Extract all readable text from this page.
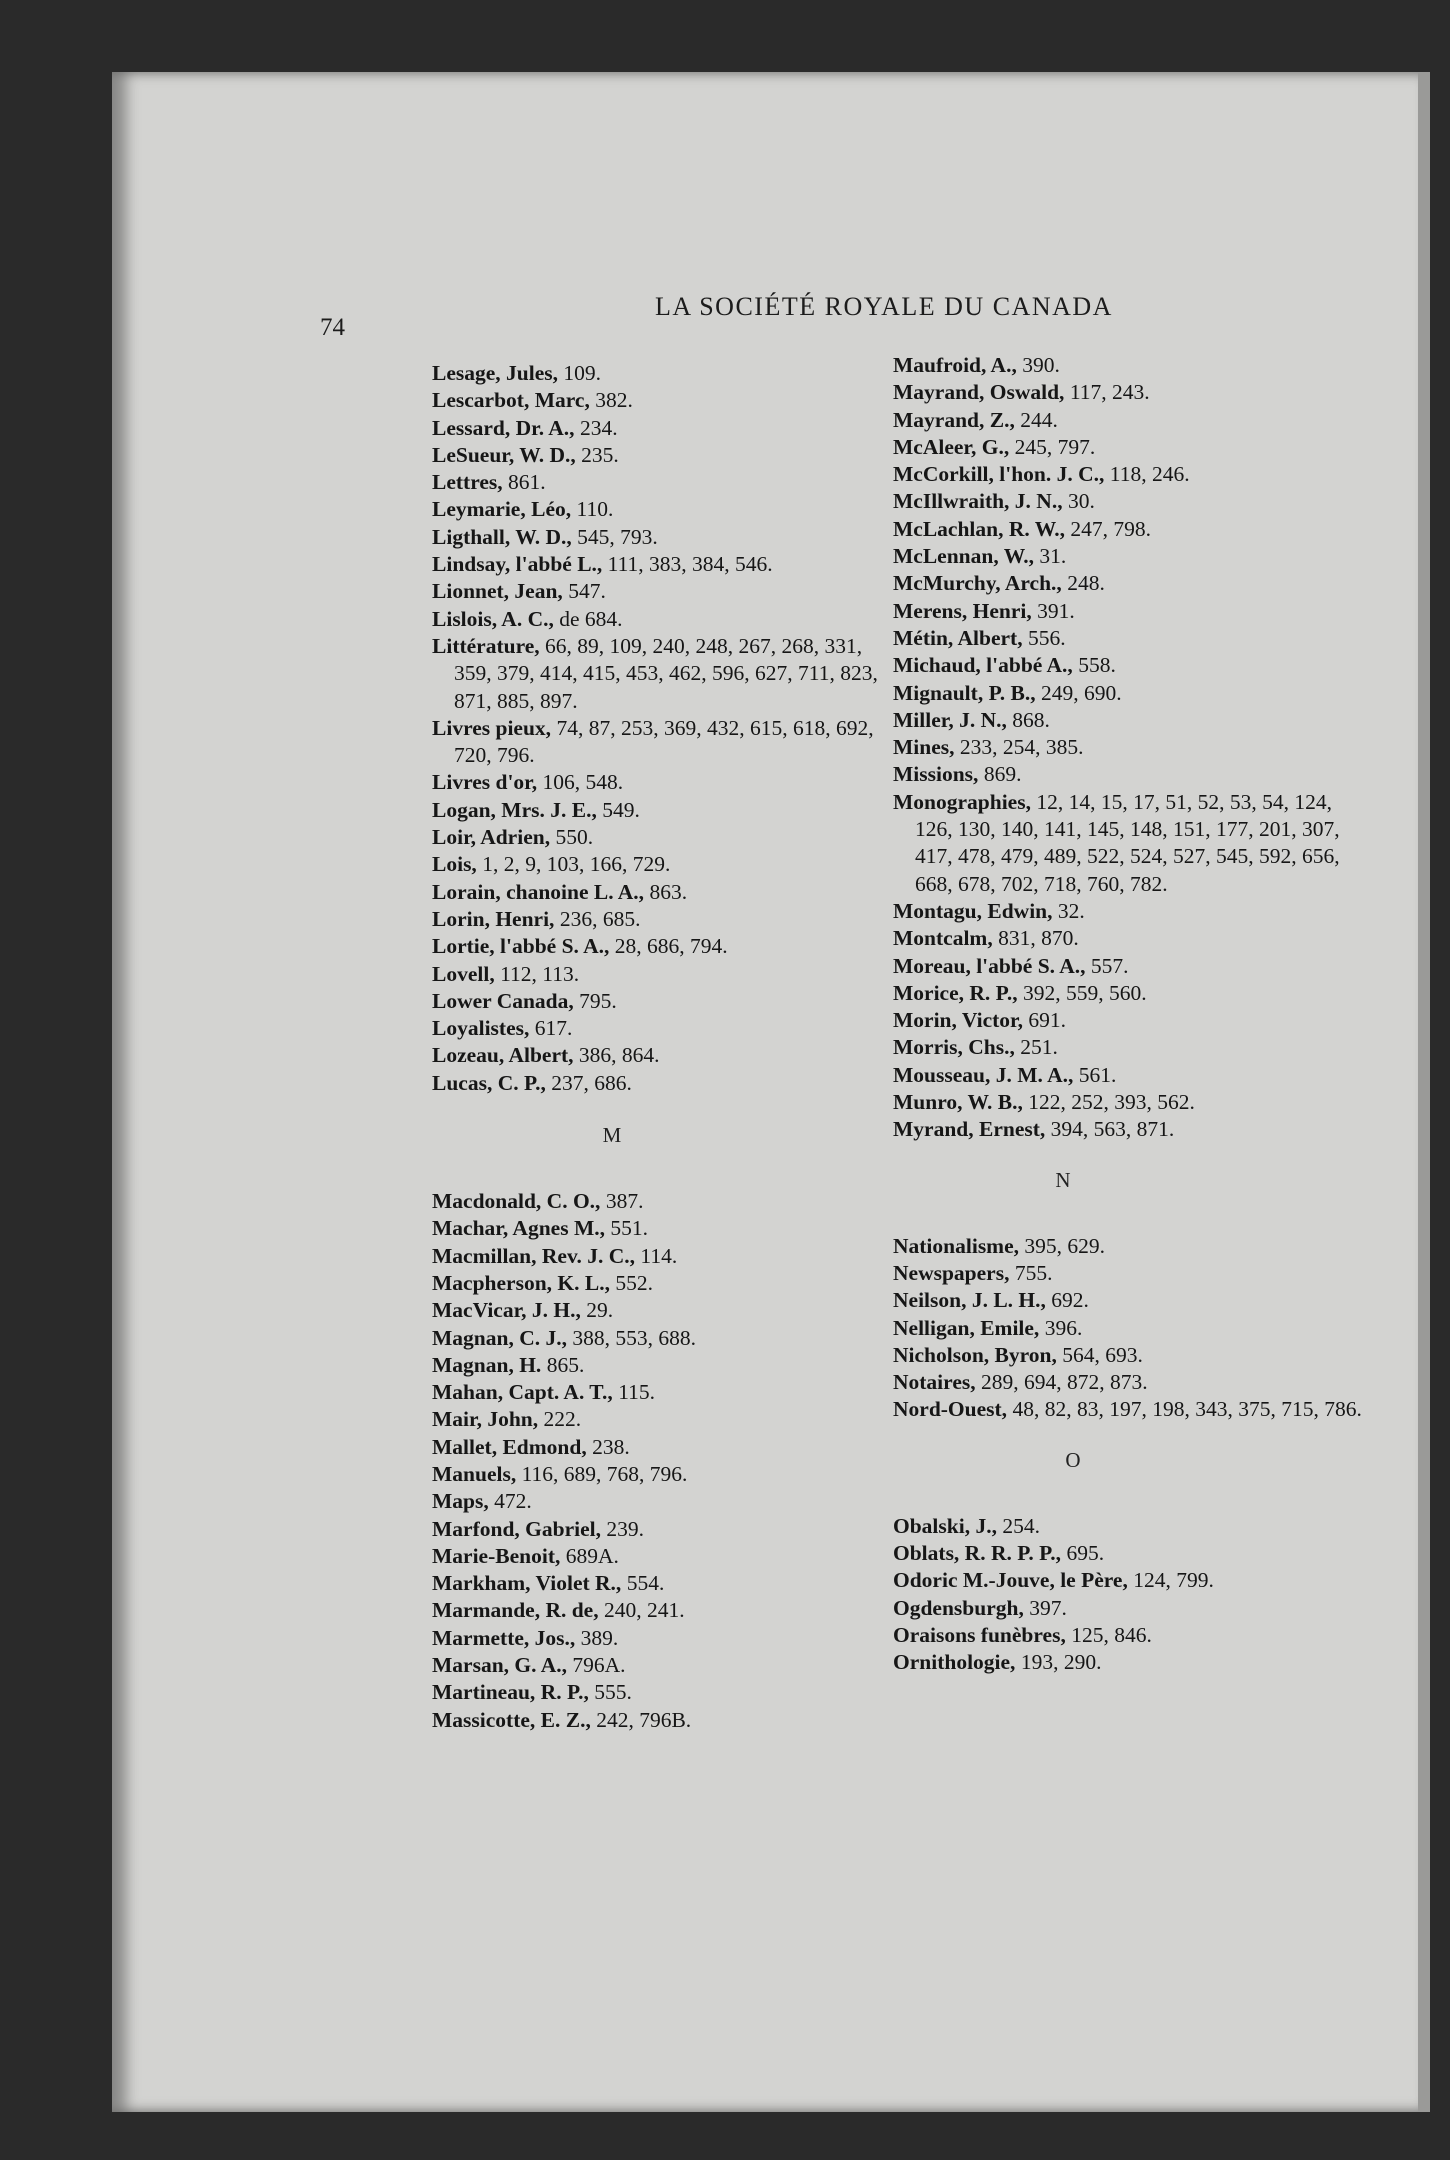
74
LA SOCIÉTÉ ROYALE DU CANADA

Lesage, Jules, 109.

Lescarbot, Marc, 382.

Lessard, Dr. A., 234.

LeSueur, W. D., 235.

Lettres, 861.

Leymarie, Léo, 110.

Ligthall, W. D., 545, 793.

Lindsay, l'abbé L., 111, 383, 384, 546.

Lionnet, Jean, 547.

Lislois, A. C., de 684.

Littérature, 66, 89, 109, 240, 248, 267, 268, 331, 359, 379, 414, 415, 453, 462, 596, 627, 711, 823, 871, 885, 897.

Livres pieux, 74, 87, 253, 369, 432, 615, 618, 692, 720, 796.

Livres d'or, 106, 548.

Logan, Mrs. J. E., 549.

Loir, Adrien, 550.

Lois, 1, 2, 9, 103, 166, 729.

Lorain, chanoine L. A., 863.

Lorin, Henri, 236, 685.

Lortie, l'abbé S. A., 28, 686, 794.

Lovell, 112, 113.

Lower Canada, 795.

Loyalistes, 617.

Lozeau, Albert, 386, 864.

Lucas, C. P., 237, 686.

M

Macdonald, C. O., 387.

Machar, Agnes M., 551.

Macmillan, Rev. J. C., 114.

Macpherson, K. L., 552.

MacVicar, J. H., 29.

Magnan, C. J., 388, 553, 688.

Magnan, H. 865.

Mahan, Capt. A. T., 115.

Mair, John, 222.

Mallet, Edmond, 238.

Manuels, 116, 689, 768, 796.

Maps, 472.

Marfond, Gabriel, 239.

Marie-Benoit, 689A.

Markham, Violet R., 554.

Marmande, R. de, 240, 241.

Marmette, Jos., 389.

Marsan, G. A., 796A.

Martineau, R. P., 555.

Massicotte, E. Z., 242, 796B.

Maufroid, A., 390.

Mayrand, Oswald, 117, 243.

Mayrand, Z., 244.

McAleer, G., 245, 797.

McCorkill, l'hon. J. C., 118, 246.

McIllwraith, J. N., 30.

McLachlan, R. W., 247, 798.

McLennan, W., 31.

McMurchy, Arch., 248.

Merens, Henri, 391.

Métin, Albert, 556.

Michaud, l'abbé A., 558.

Mignault, P. B., 249, 690.

Miller, J. N., 868.

Mines, 233, 254, 385.

Missions, 869.

Monographies, 12, 14, 15, 17, 51, 52, 53, 54, 124, 126, 130, 140, 141, 145, 148, 151, 177, 201, 307, 417, 478, 479, 489, 522, 524, 527, 545, 592, 656, 668, 678, 702, 718, 760, 782.

Montagu, Edwin, 32.

Montcalm, 831, 870.

Moreau, l'abbé S. A., 557.

Morice, R. P., 392, 559, 560.

Morin, Victor, 691.

Morris, Chs., 251.

Mousseau, J. M. A., 561.

Munro, W. B., 122, 252, 393, 562.

Myrand, Ernest, 394, 563, 871.

N

Nationalisme, 395, 629.

Newspapers, 755.

Neilson, J. L. H., 692.

Nelligan, Emile, 396.

Nicholson, Byron, 564, 693.

Notaires, 289, 694, 872, 873.

Nord-Ouest, 48, 82, 83, 197, 198, 343, 375, 715, 786.

O

Obalski, J., 254.

Oblats, R. R. P. P., 695.

Odoric M.-Jouve, le Père, 124, 799.

Ogdensburgh, 397.

Oraisons funèbres, 125, 846.

Ornithologie, 193, 290.
